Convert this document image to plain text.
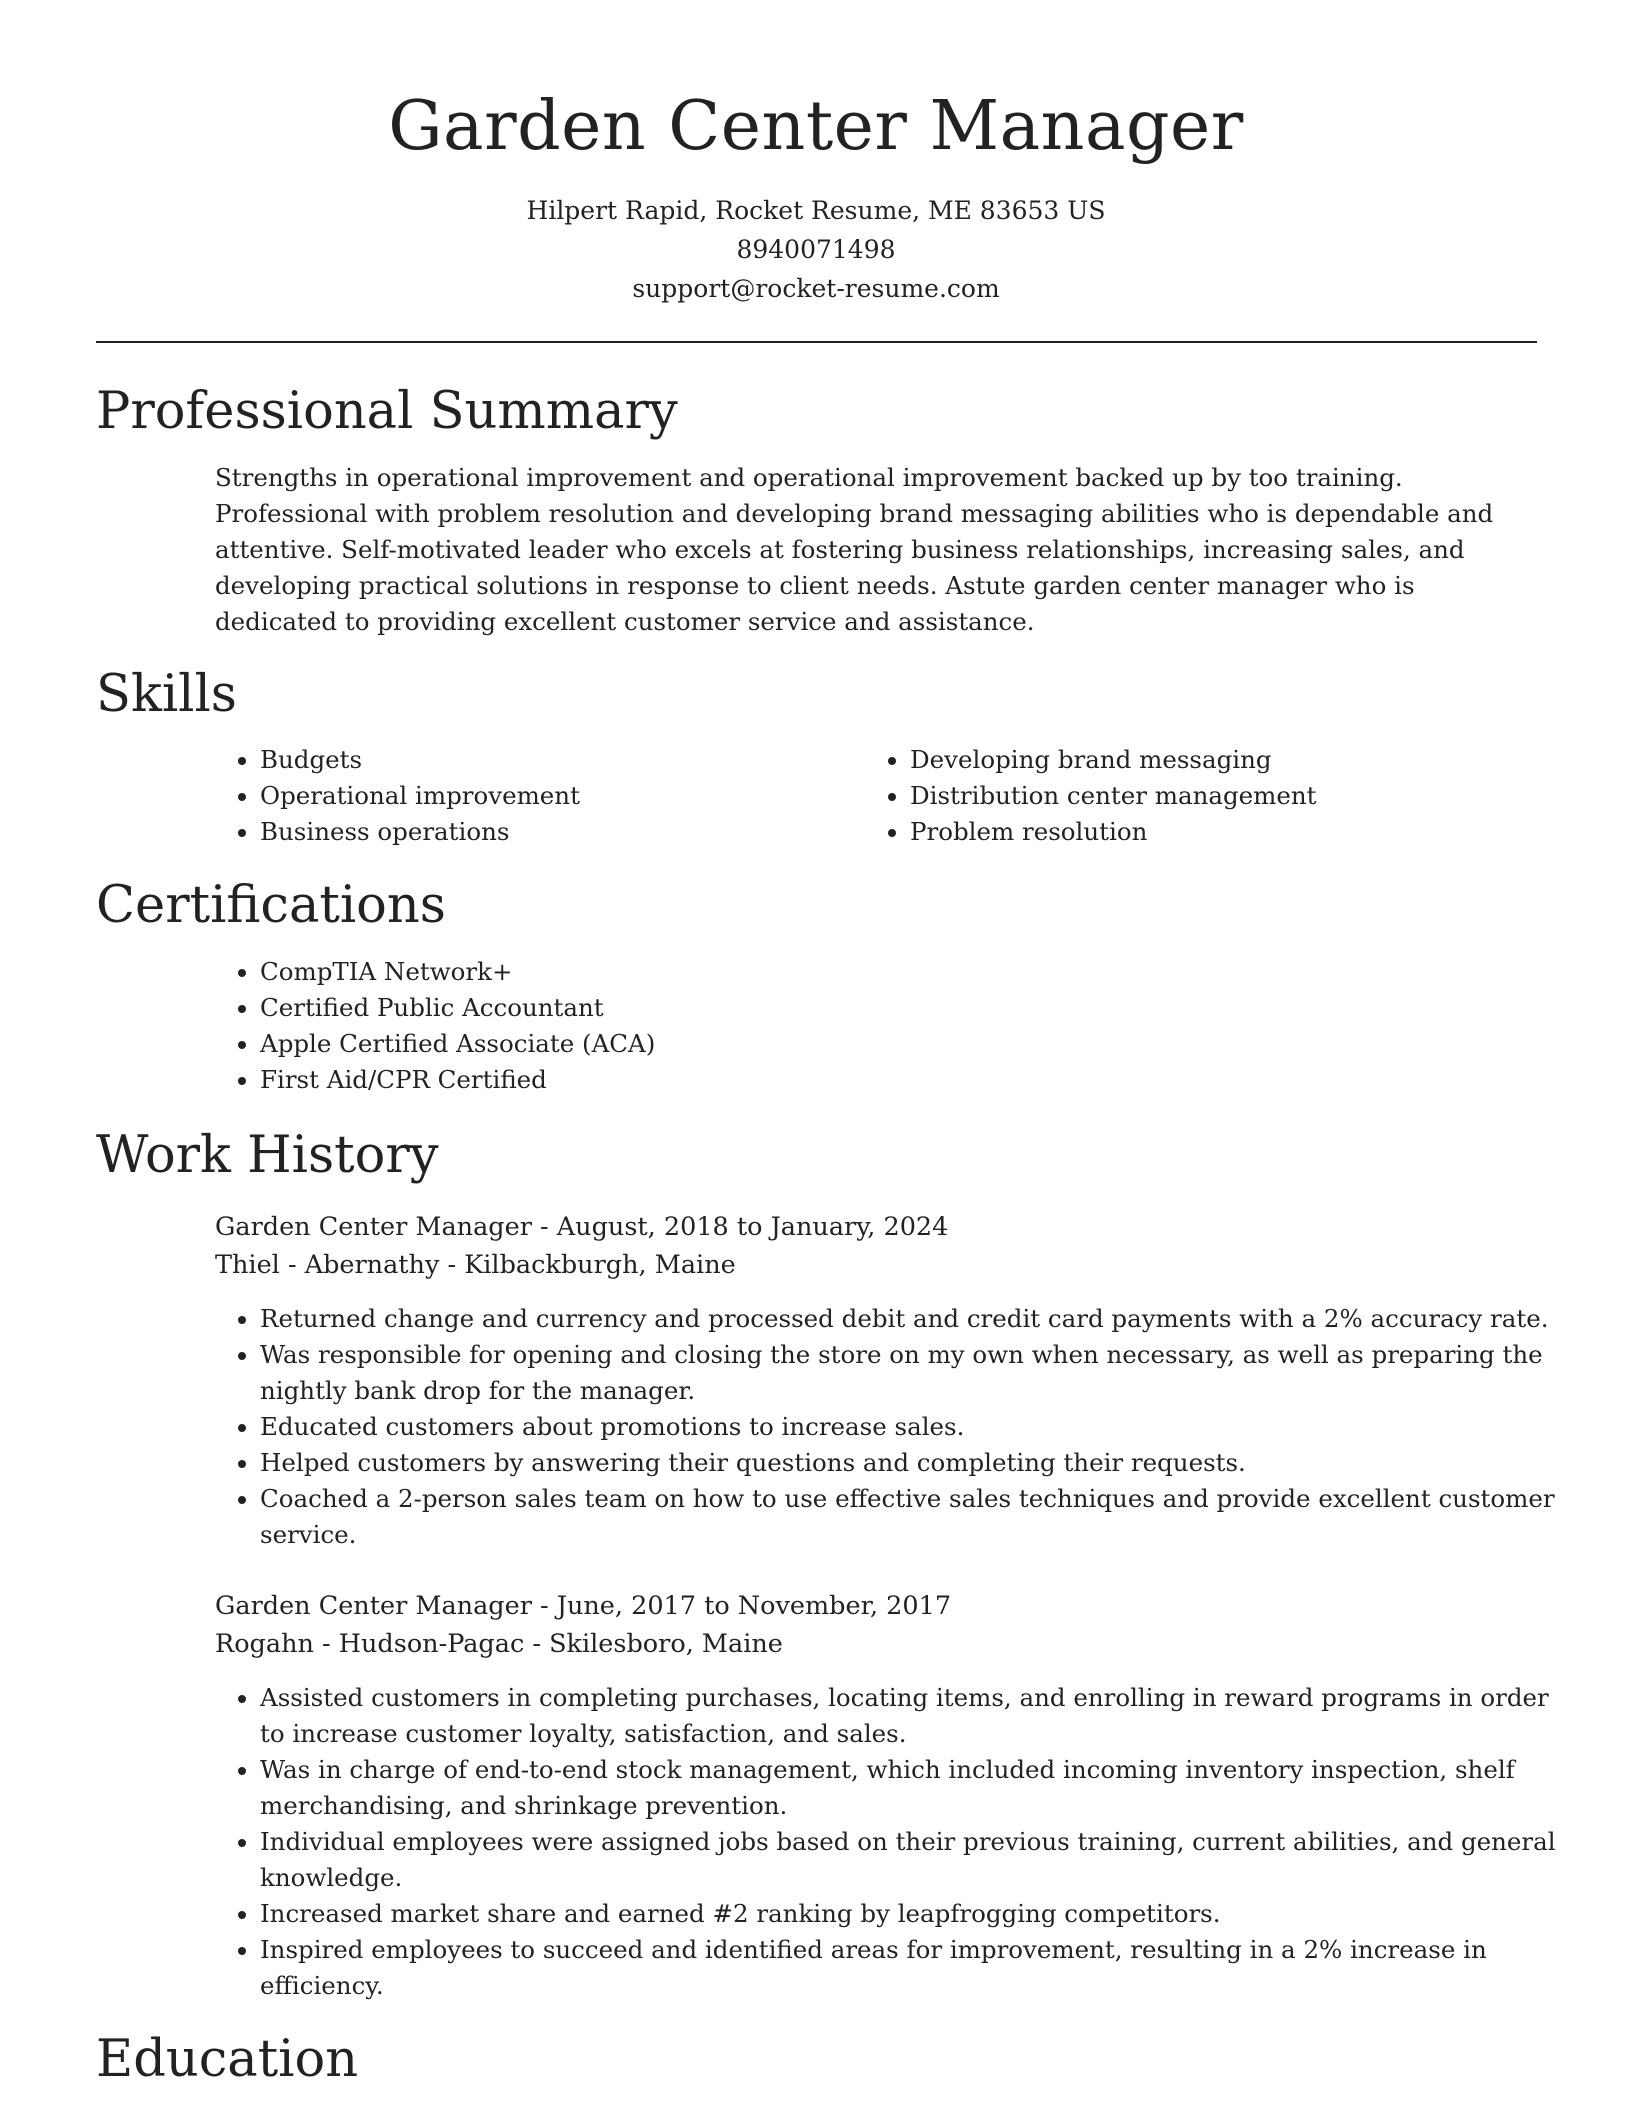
Garden Center Manager
Hilpert Rapid, Rocket Resume, ME 83653 US
8940071498
support@rocket-resume.com
Professional Summary

Strengths in operational improvement and operational improvement backed up by too training. Professional with problem resolution and developing brand messaging abilities who is dependable and attentive. Self-motivated leader who excels at fostering business relationships, increasing sales, and developing practical solutions in response to client needs. Astute garden center manager who is dedicated to providing excellent customer service and assistance.

Skills
• Budgets
• Operational improvement
• Business operations
• Developing brand messaging
• Distribution center management
• Problem resolution
Certifications
• CompTIA Network+
• Certified Public Accountant
• Apple Certified Associate (ACA)
• First Aid/CPR Certified
Work History
Garden Center Manager - August, 2018 to January, 2024
Thiel - Abernathy - Kilbackburgh, Maine
• Returned change and currency and processed debit and credit card payments with a 2% accuracy rate.
• Was responsible for opening and closing the store on my own when necessary, as well as preparing the nightly bank drop for the manager.
• Educated customers about promotions to increase sales.
• Helped customers by answering their questions and completing their requests.
• Coached a 2-person sales team on how to use effective sales techniques and provide excellent customer service.
Garden Center Manager - June, 2017 to November, 2017
Rogahn - Hudson-Pagac - Skilesboro, Maine
• Assisted customers in completing purchases, locating items, and enrolling in reward programs in order to increase customer loyalty, satisfaction, and sales.
• Was in charge of end-to-end stock management, which included incoming inventory inspection, shelf merchandising, and shrinkage prevention.
• Individual employees were assigned jobs based on their previous training, current abilities, and general knowledge.
• Increased market share and earned #2 ranking by leapfrogging competitors.
• Inspired employees to succeed and identified areas for improvement, resulting in a 2% increase in efficiency.
Education
